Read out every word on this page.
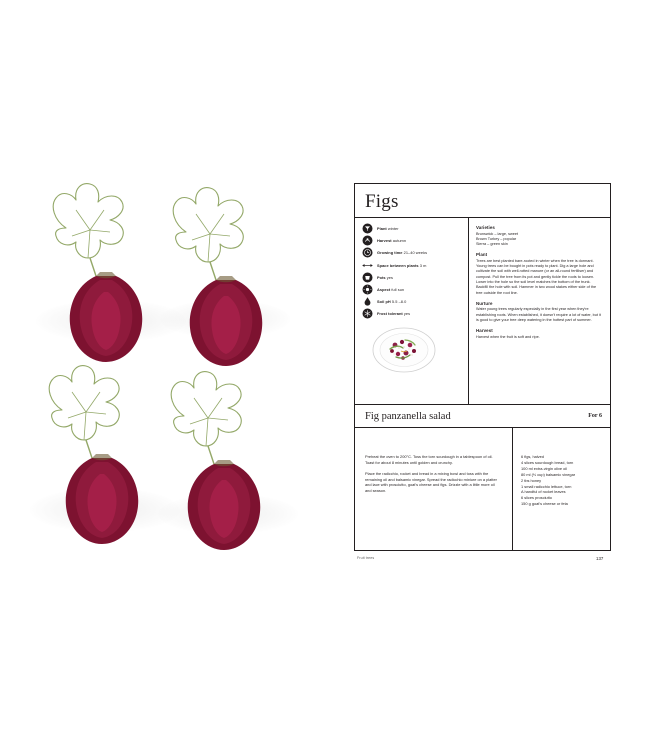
Figs
Plant winter
Harvest autumn
Growing time 21–40 weeks
Space between plants 3 m
Pots yes
Aspect full sun
Soil pH 5.5 –8.0
Frost tolerant yes
Varieties
Brunswick – large, sweet
Brown Turkey – popular
Sierra – green skin
Plant

Trees are best planted bare-rooted in winter when the tree is dormant. Young trees can be bought in pots ready to plant. Dig a large hole and cultivate the soil with well-rotted manure (or an all-round fertiliser) and compost. Pull the tree from its pot and gently tickle the roots to loosen. Lower into the hole so the soil level matches the bottom of the trunk. Backfill the hole with soil. Hammer in two wood stakes either side of the tree outside the root line.

Nurture

Water young trees regularly especially in the first year when they're establishing roots. When established, it doesn't require a lot of water, but it is good to give your tree deep watering in the hottest part of summer.

Harvest

Harvest when the fruit is soft and ripe.

Fig panzanella salad	For 6

Preheat the oven to 200°C. Toss the torn sourdough in a tablespoon of oil. Toast for about 8 minutes until golden and crunchy.

Place the radicchio, rocket and bread in a mixing bowl and toss with the remaining oil and balsamic vinegar. Spread the radicchio mixture on a platter and lace with prosciutto, goat's cheese and figs. Drizzle with a little more oil and season.

6 figs, halved
4 slices sourdough bread, torn
100 ml extra-virgin olive oil
80 ml (⅓ cup) balsamic vinegar
2 tbs honey
1 small radicchio lettuce, torn
A handful of rocket leaves
6 slices prosciutto
150 g goat's cheese or feta
Fruit trees	137
